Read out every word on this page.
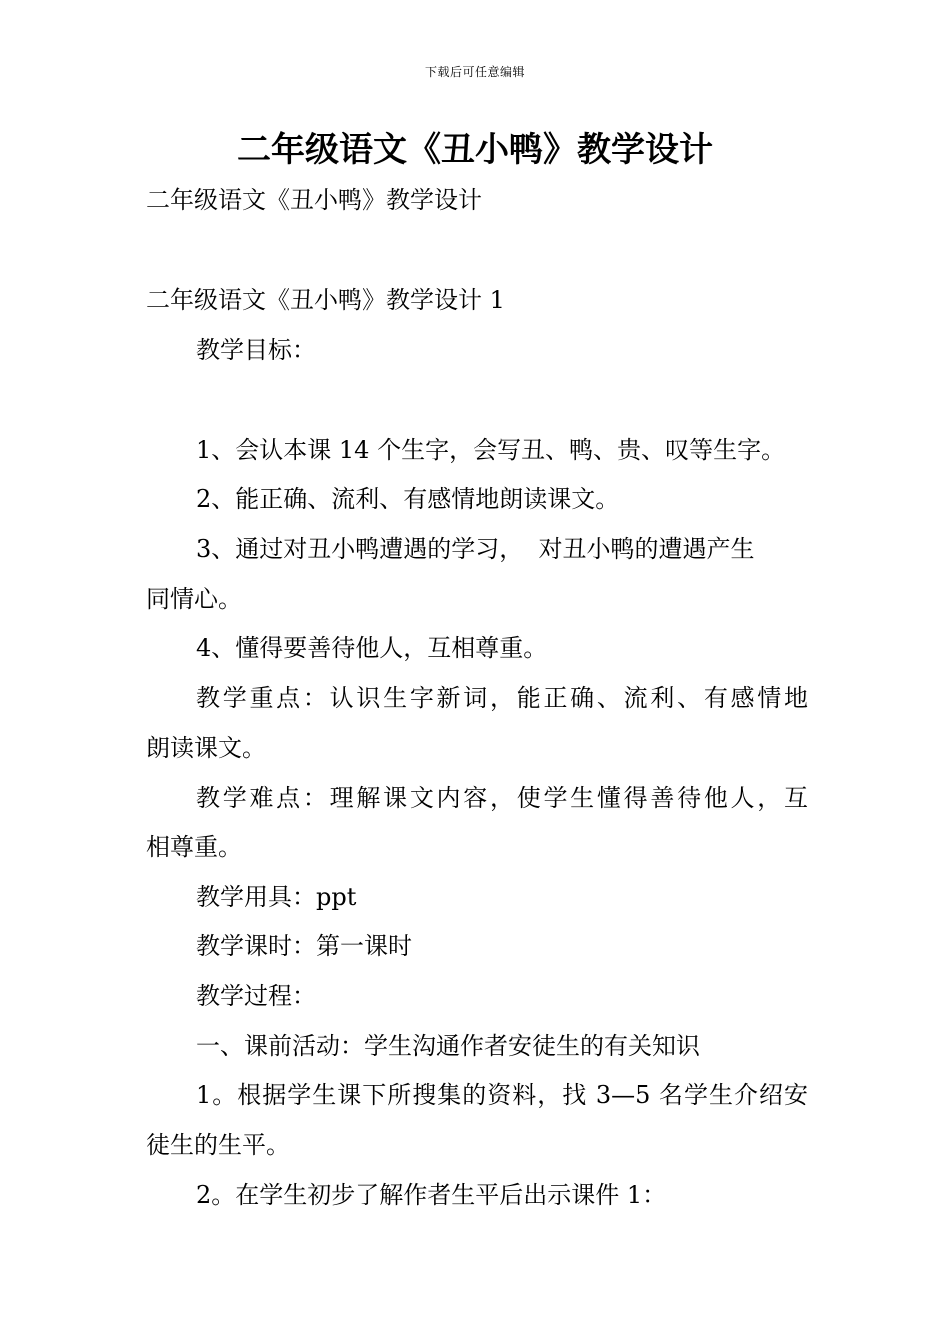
下载后可任意编辑
二年级语文《丑小鸭》教学设计

二年级语文《丑小鸭》教学设计

二年级语文《丑小鸭》教学设计 1

教学目标：

1、会认本课 14 个生字，会写丑、鸭、贵、叹等生字。

2、能正确、流利、有感情地朗读课文。

3、通过对丑小鸭遭遇的学习，  对丑小鸭的遭遇产生

同情心。

4、懂得要善待他人，互相尊重。

教学重点：认识生字新词，能正确、流利、有感情地

朗读课文。

教学难点：理解课文内容，使学生懂得善待他人，互

相尊重。

教学用具：ppt

教学课时：第一课时

教学过程：

一、课前活动：学生沟通作者安徒生的有关知识

1。根据学生课下所搜集的资料，找 3—5 名学生介绍安

徒生的生平。

2。在学生初步了解作者生平后出示课件 1：
